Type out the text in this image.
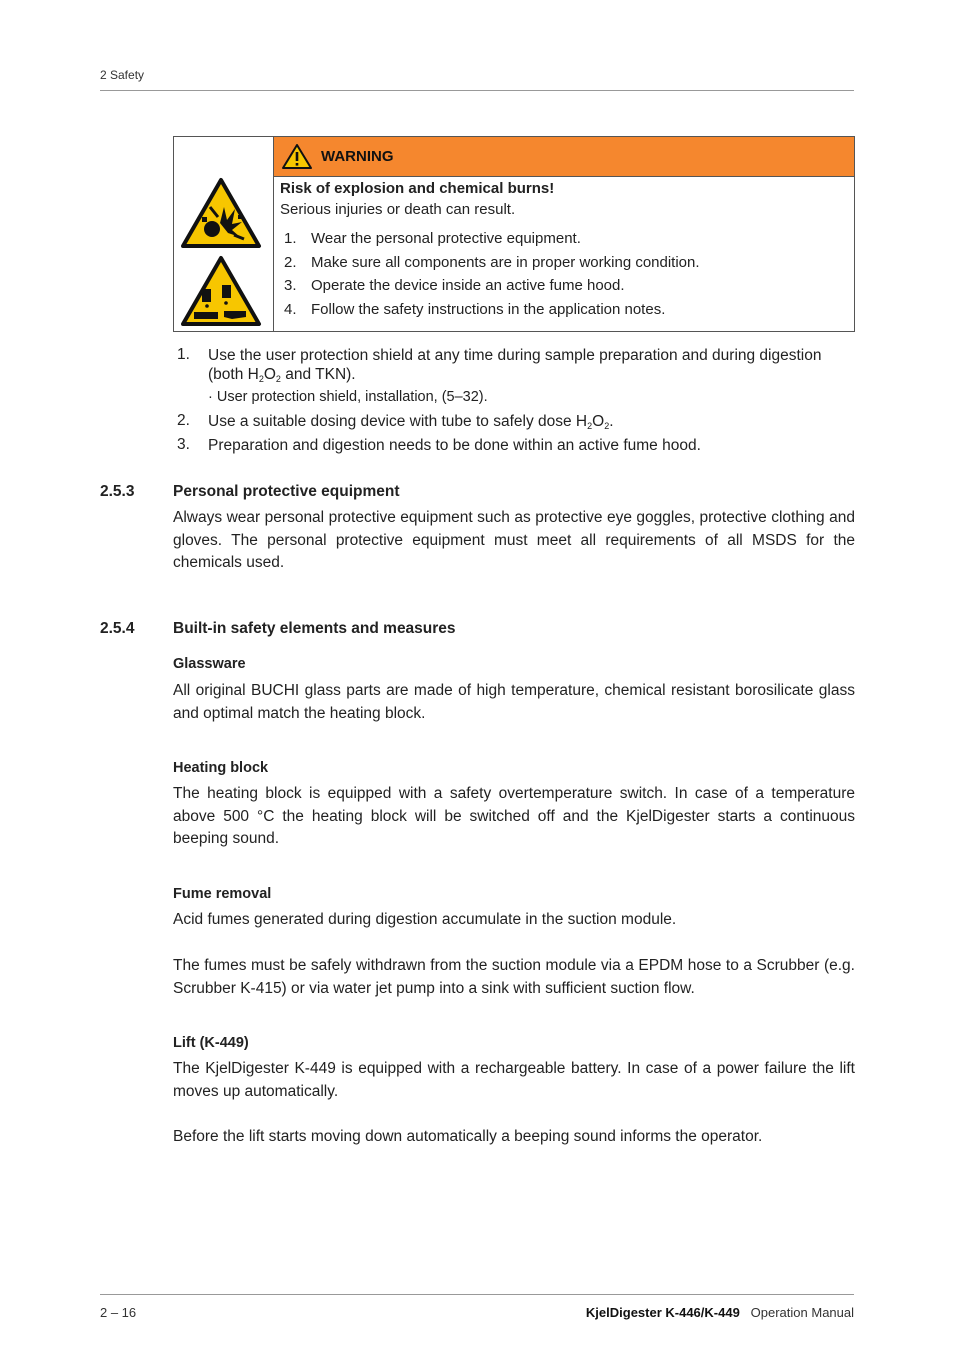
2 Safety
WARNING
Risk of explosion and chemical burns!
Serious injuries or death can result.
1. Wear the personal protective equipment.
2. Make sure all components are in proper working condition.
3. Operate the device inside an active fume hood.
4. Follow the safety instructions in the application notes.
1. Use the user protection shield at any time during sample preparation and during digestion (both $H_2O_2$ and TKN).
· User protection shield, installation, (5–32).
2. Use a suitable dosing device with tube to safely dose $H_2O_2$.
3. Preparation and digestion needs to be done within an active fume hood.
2.5.3 Personal protective equipment
Always wear personal protective equipment such as protective eye goggles, protective clothing and gloves. The personal protective equipment must meet all requirements of all MSDS for the chemicals used.
2.5.4 Built-in safety elements and measures
Glassware
All original BUCHI glass parts are made of high temperature, chemical resistant borosilicate glass and optimal match the heating block.
Heating block
The heating block is equipped with a safety overtemperature switch. In case of a temperature above 500 °C the heating block will be switched off and the KjelDigester starts a continuous beeping sound.
Fume removal
Acid fumes generated during digestion accumulate in the suction module.
The fumes must be safely withdrawn from the suction module via a EPDM hose to a Scrubber (e.g. Scrubber K-415) or via water jet pump into a sink with sufficient suction flow.
Lift (K-449)
The KjelDigester K-449 is equipped with a rechargeable battery. In case of a power failure the lift moves up automatically.
Before the lift starts moving down automatically a beeping sound informs the operator.
2 – 16	KjelDigester K-446/K-449 Operation Manual
